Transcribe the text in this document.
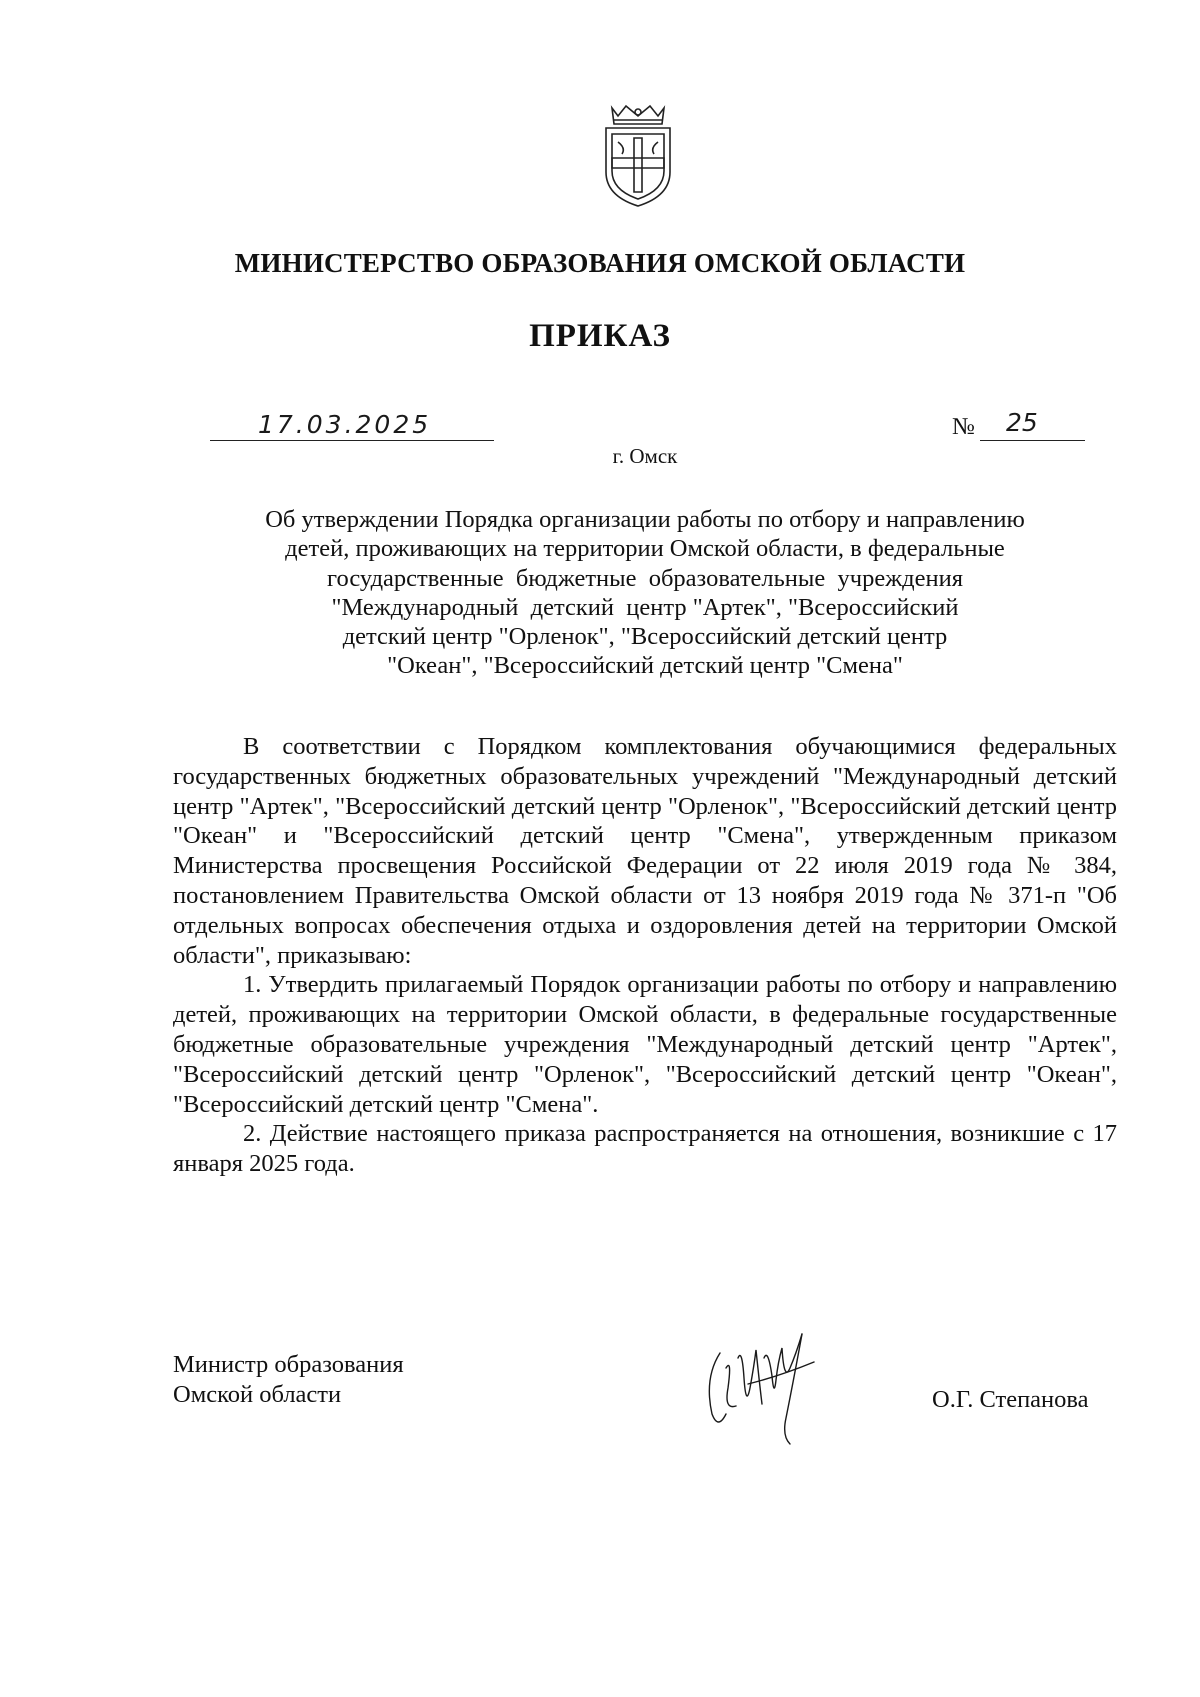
МИНИСТЕРСТВО ОБРАЗОВАНИЯ ОМСКОЙ ОБЛАСТИ
ПРИКАЗ
17.03.2025	№ 25
г. Омск
Об утверждении Порядка организации работы по отбору и направлению
детей, проживающих на территории Омской области, в федеральные
государственные  бюджетные  образовательные  учреждения
"Международный  детский  центр "Артек", "Всероссийский
детский центр "Орленок", "Всероссийский детский центр
"Океан", "Всероссийский детский центр "Смена"

В соответствии с Порядком комплектования обучающимися федеральных государственных бюджетных образовательных учреждений "Международный детский центр "Артек", "Всероссийский детский центр "Орленок", "Всероссийский детский центр "Океан" и "Всероссийский детский центр "Смена", утвержденным приказом Министерства просвещения Российской Федерации от 22 июля 2019 года № 384, постановлением Правительства Омской области от 13 ноября 2019 года № 371-п "Об отдельных вопросах обеспечения отдыха и оздоровления детей на территории Омской области", приказываю:

1. Утвердить прилагаемый Порядок организации работы по отбору и направлению детей, проживающих на территории Омской области, в федеральные государственные бюджетные образовательные учреждения "Международный детский центр "Артек", "Всероссийский детский центр "Орленок", "Всероссийский детский центр "Океан", "Всероссийский детский центр "Смена".

2. Действие настоящего приказа распространяется на отношения, возникшие с 17 января 2025 года.

Министр образования
Омской области	О.Г. Степанова
